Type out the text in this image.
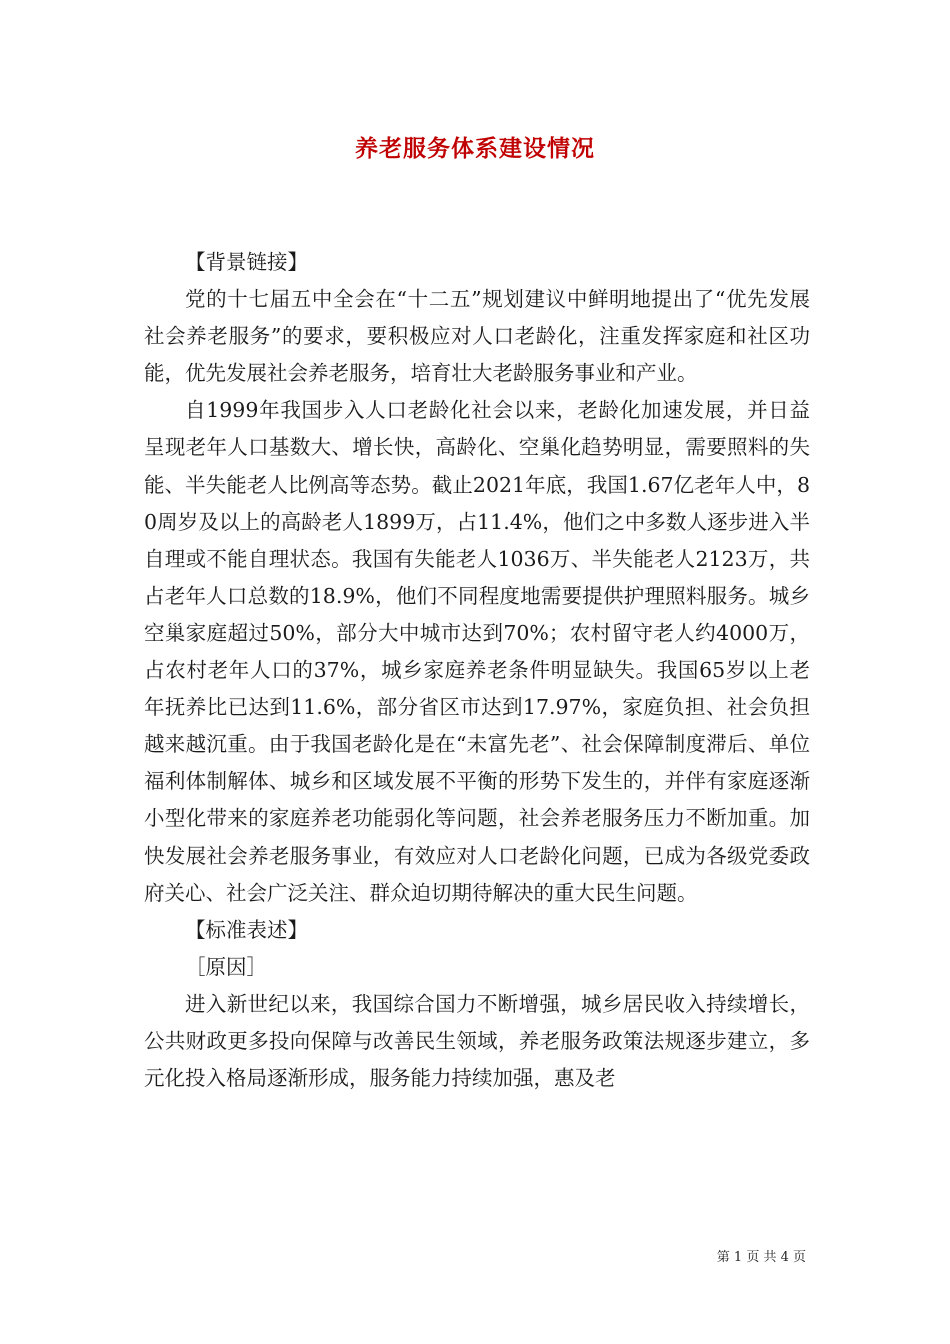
养老服务体系建设情况

【背景链接】

党的十七届五中全会在“十二五”规划建议中鲜明地提出了“优先发展社会养老服务”的要求，要积极应对人口老龄化，注重发挥家庭和社区功能，优先发展社会养老服务，培育壮大老龄服务事业和产业。

自1999年我国步入人口老龄化社会以来，老龄化加速发展，并日益呈现老年人口基数大、增长快，高龄化、空巢化趋势明显，需要照料的失能、半失能老人比例高等态势。截止2021年底，我国1.67亿老年人中，80周岁及以上的高龄老人1899万，占11.4%，他们之中多数人逐步进入半自理或不能自理状态。我国有失能老人1036万、半失能老人2123万，共占老年人口总数的18.9%，他们不同程度地需要提供护理照料服务。城乡空巢家庭超过50%，部分大中城市达到70%；农村留守老人约4000万，占农村老年人口的37%，城乡家庭养老条件明显缺失。我国65岁以上老年抚养比已达到11.6%，部分省区市达到17.97%，家庭负担、社会负担越来越沉重。由于我国老龄化是在“未富先老”、社会保障制度滞后、单位福利体制解体、城乡和区域发展不平衡的形势下发生的，并伴有家庭逐渐小型化带来的家庭养老功能弱化等问题，社会养老服务压力不断加重。加快发展社会养老服务事业，有效应对人口老龄化问题，已成为各级党委政府关心、社会广泛关注、群众迫切期待解决的重大民生问题。

【标准表述】

［原因］

进入新世纪以来，我国综合国力不断增强，城乡居民收入持续增长，公共财政更多投向保障与改善民生领域，养老服务政策法规逐步建立，多元化投入格局逐渐形成，服务能力持续加强，惠及老

第 1 页 共 4 页
